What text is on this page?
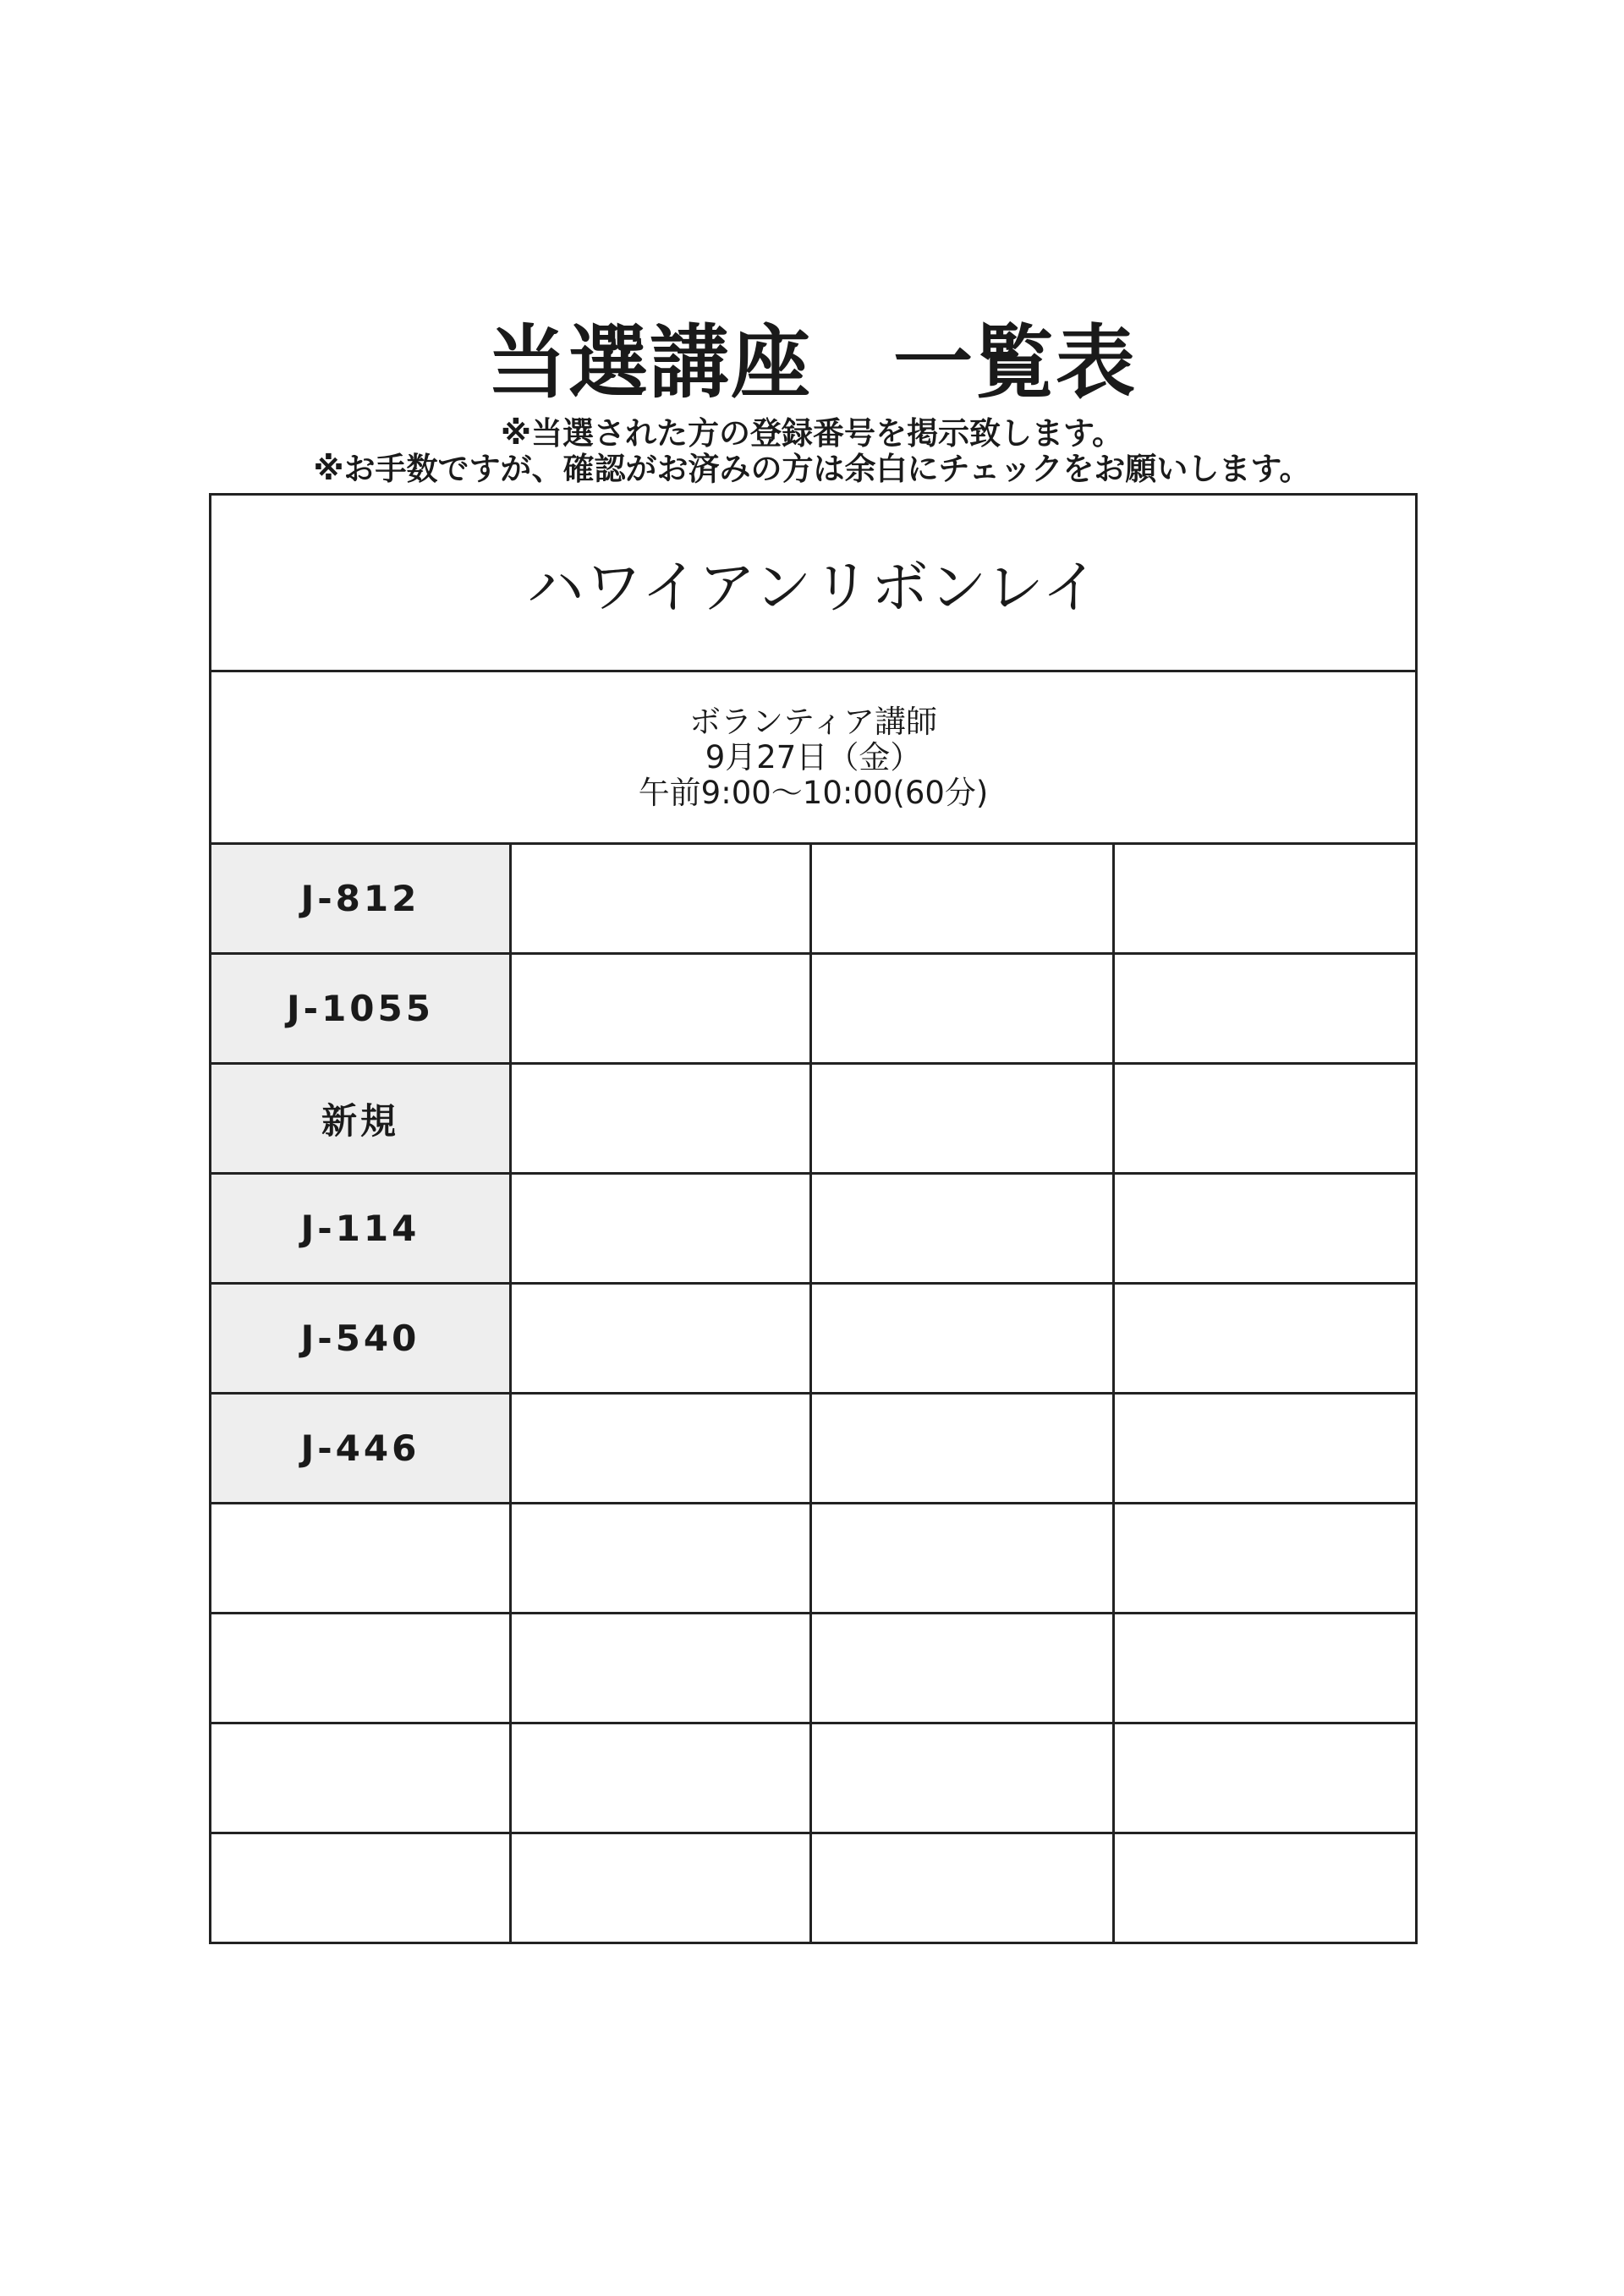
当選講座　一覧表
※当選された方の登録番号を掲示致します。
※お手数ですが、確認がお済みの方は余白にチェックをお願いします。
ハワイアンリボンレイ			

ボランティア講師
9月27日（金）
午前9:00～10:00(60分)			

J-812			
J-1055			
新規			
J-114			
J-540			
J-446			
